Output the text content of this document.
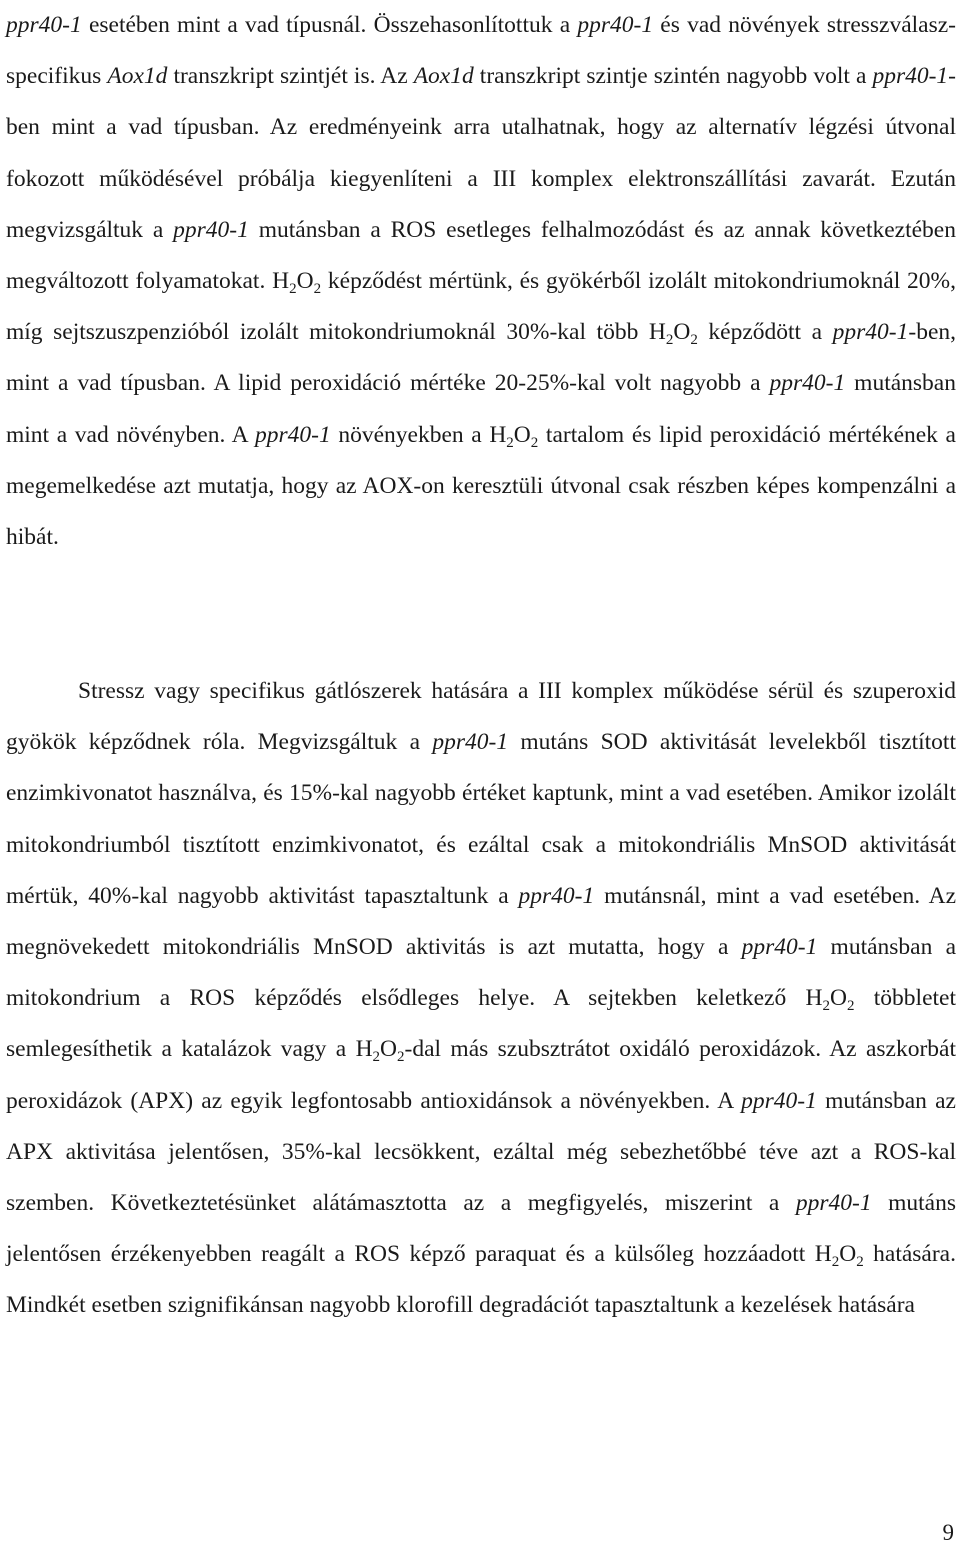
ppr40-1 esetében mint a vad típusnál. Összehasonlítottuk a ppr40-1 és vad növények stresszválasz-specifikus Aox1d transzkript szintjét is. Az Aox1d transzkript szintje szintén nagyobb volt a ppr40-1-ben mint a vad típusban. Az eredményeink arra utalhatnak, hogy az alternatív légzési útvonal fokozott működésével próbálja kiegyenlíteni a III komplex elektronszállítási zavarát. Ezután megvizsgáltuk a ppr40-1 mutánsban a ROS esetleges felhalmozódást és az annak következtében megváltozott folyamatokat. $H_2O_2$ képződést mértünk, és gyökérből izolált mitokondriumoknál 20%, míg sejtszuszpenzióból izolált mitokondriumoknál 30%-kal több $H_2O_2$ képződött a ppr40-1-ben, mint a vad típusban. A lipid peroxidáció mértéke 20-25%-kal volt nagyobb a ppr40-1 mutánsban mint a vad növényben. A ppr40-1 növényekben a $H_2O_2$ tartalom és lipid peroxidáció mértékének a megemelkedése azt mutatja, hogy az AOX-on keresztüli útvonal csak részben képes kompenzálni a hibát.

Stressz vagy specifikus gátlószerek hatására a III komplex működése sérül és szuperoxid gyökök képződnek róla. Megvizsgáltuk a ppr40-1 mutáns SOD aktivitását levelekből tisztított enzimkivonatot használva, és 15%-kal nagyobb értéket kaptunk, mint a vad esetében. Amikor izolált mitokondriumból tisztított enzimkivonatot, és ezáltal csak a mitokondriális MnSOD aktivitását mértük, 40%-kal nagyobb aktivitást tapasztaltunk a ppr40-1 mutánsnál, mint a vad esetében. Az megnövekedett mitokondriális MnSOD aktivitás is azt mutatta, hogy a ppr40-1 mutánsban a mitokondrium a ROS képződés elsődleges helye. A sejtekben keletkező $H_2O_2$ többletet semlegesíthetik a katalázok vagy a $H_2O_2$-dal más szubsztrátot oxidáló peroxidázok. Az aszkorbát peroxidázok (APX) az egyik legfontosabb antioxidánsok a növényekben. A ppr40-1 mutánsban az APX aktivitása jelentősen, 35%-kal lecsökkent, ezáltal még sebezhetőbbé téve azt a ROS-kal szemben. Következtetésünket alátámasztotta az a megfigyelés, miszerint a ppr40-1 mutáns jelentősen érzékenyebben reagált a ROS képző paraquat és a külsőleg hozzáadott $H_2O_2$ hatására. Mindkét esetben szignifikánsan nagyobb klorofill degradációt tapasztaltunk a kezelések hatására

9
